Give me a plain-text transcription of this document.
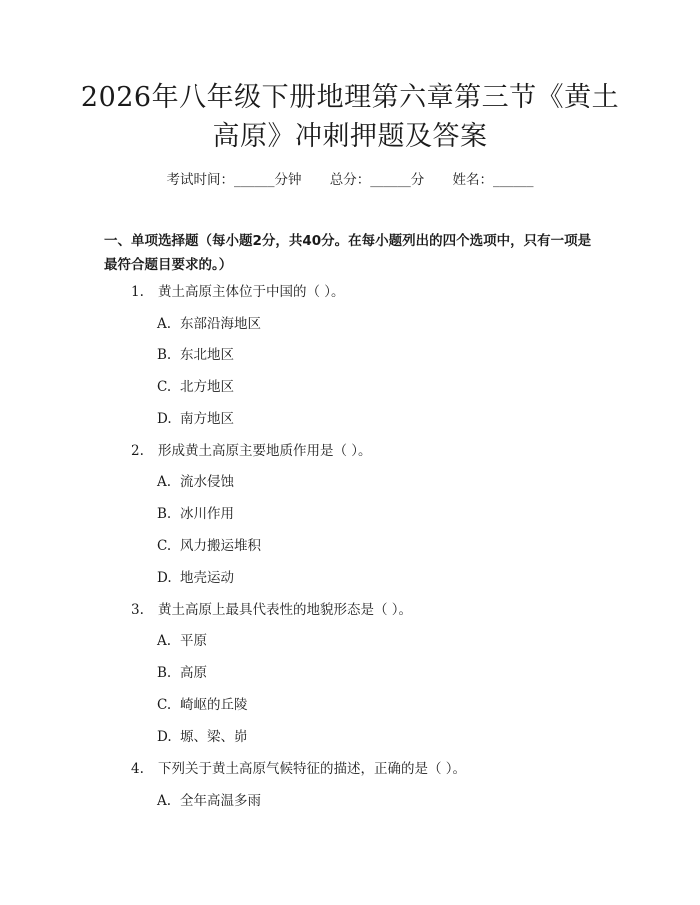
2026年八年级下册地理第六章第三节《黄土高原》冲刺押题及答案
考试时间：______分钟 总分：______分 姓名：______
一、单项选择题（每小题2分，共40分。在每小题列出的四个选项中，只有一项是最符合题目要求的。）
1. 黄土高原主体位于中国的（ ）。
A. 东部沿海地区
B. 东北地区
C. 北方地区
D. 南方地区
2. 形成黄土高原主要地质作用是（ ）。
A. 流水侵蚀
B. 冰川作用
C. 风力搬运堆积
D. 地壳运动
3. 黄土高原上最具代表性的地貌形态是（ ）。
A. 平原
B. 高原
C. 崎岖的丘陵
D. 塬、梁、峁
4. 下列关于黄土高原气候特征的描述，正确的是（ ）。
A. 全年高温多雨
